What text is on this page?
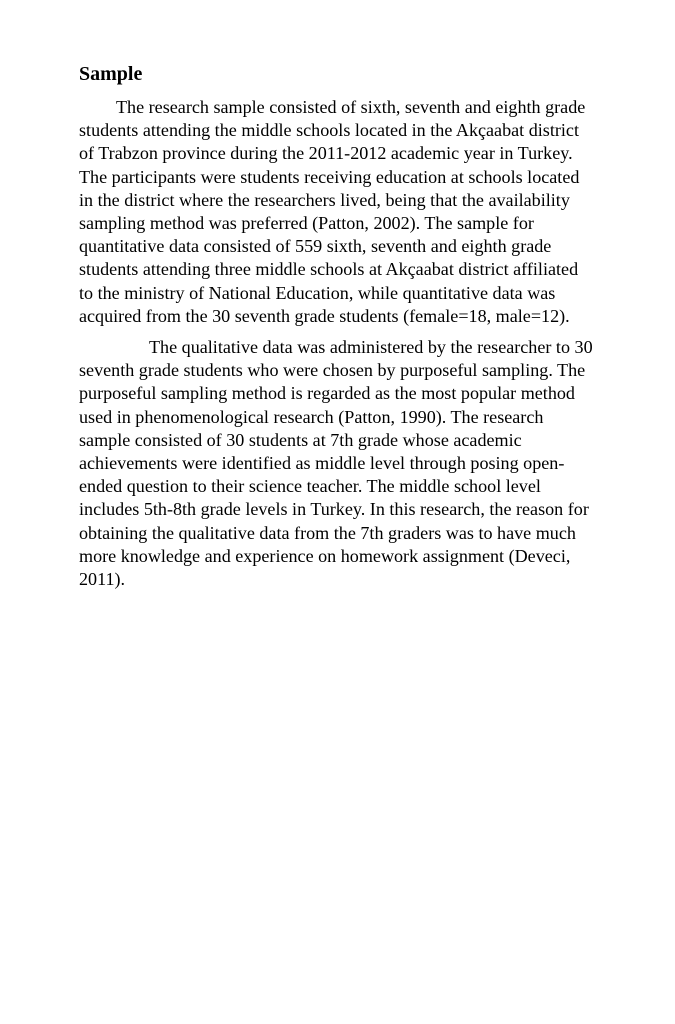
Sample

The research sample consisted of sixth, seventh and eighth grade students attending the middle schools located in the Akçaabat district of Trabzon province during the 2011-2012 academic year in Turkey. The participants were students receiving education at schools located in the district where the researchers lived, being that the availability sampling method was preferred (Patton, 2002). The sample for quantitative data consisted of 559 sixth, seventh and eighth grade students attending three middle schools at Akçaabat district affiliated to the ministry of National Education, while quantitative data was acquired from the 30 seventh grade students (female=18, male=12).

The qualitative data was administered by the researcher to 30 seventh grade students who were chosen by purposeful sampling. The purposeful sampling method is regarded as the most popular method used in phenomenological research (Patton, 1990). The research sample consisted of 30 students at 7th grade whose academic achievements were identified as middle level through posing open-ended question to their science teacher. The middle school level includes 5th-8th grade levels in Turkey. In this research, the reason for obtaining the qualitative data from the 7th graders was to have much more knowledge and experience on homework assignment (Deveci, 2011).
